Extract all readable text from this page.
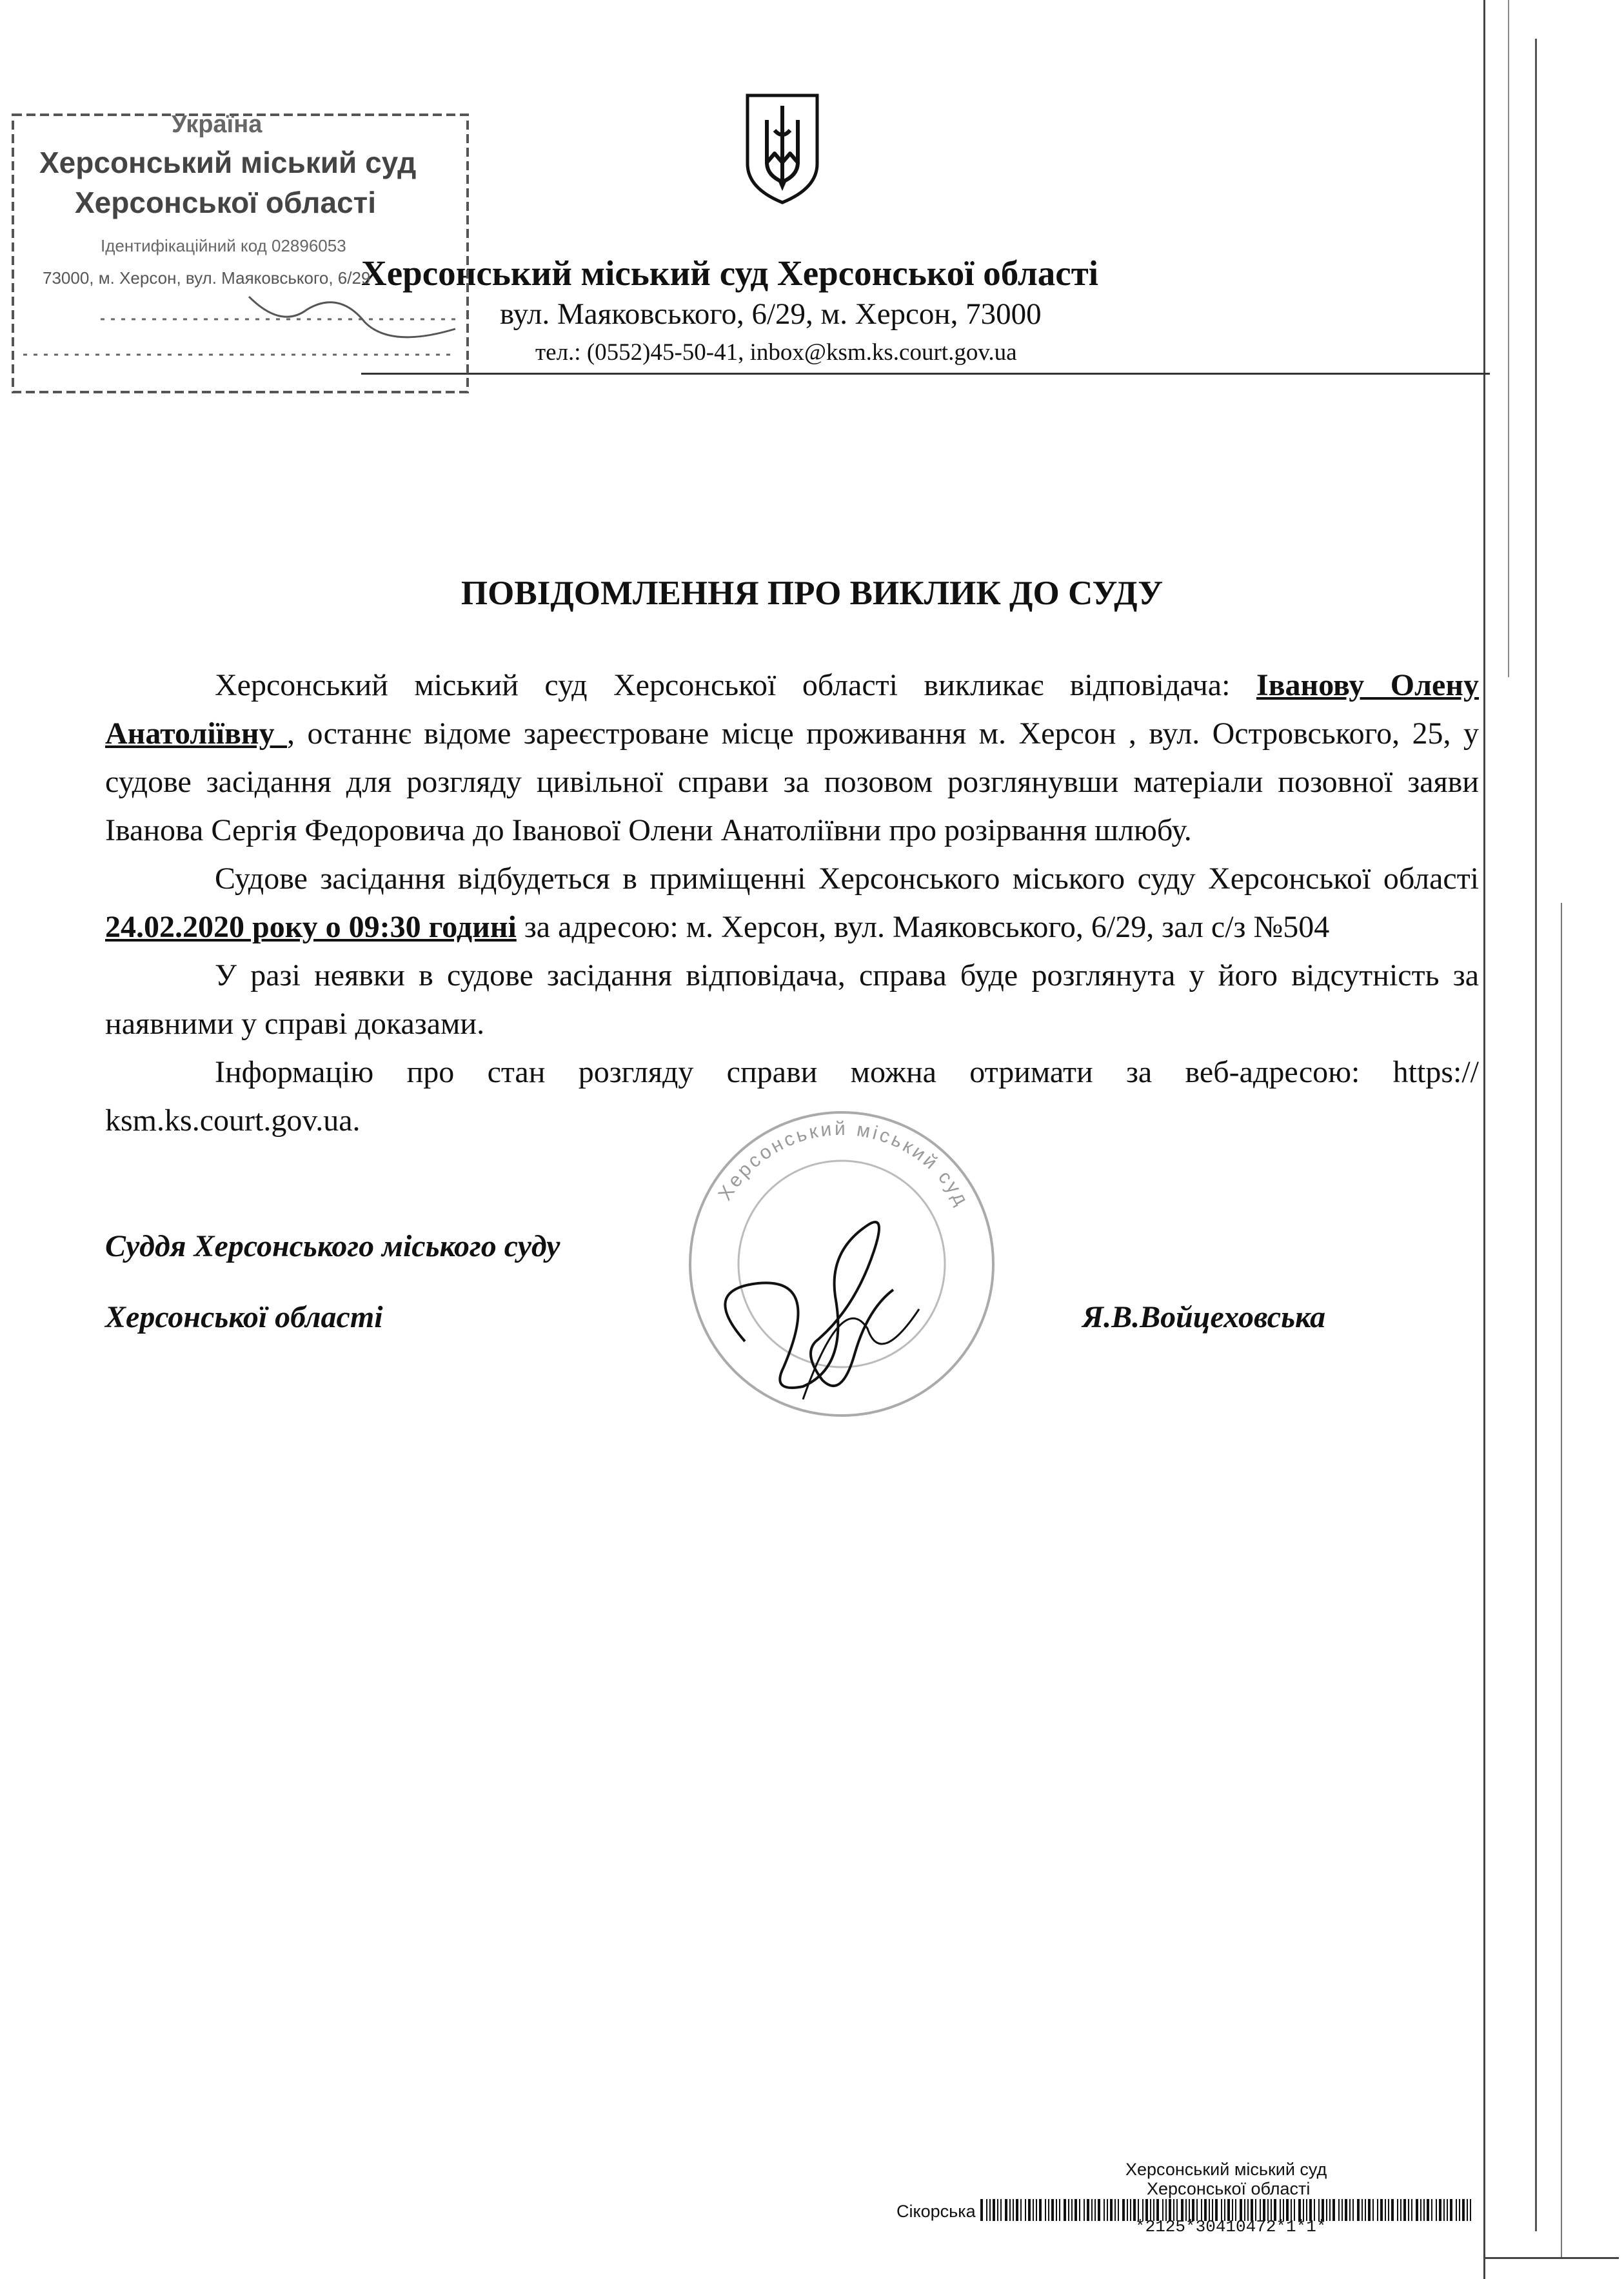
Херсонський міський суд Херсонської області
вул. Маяковського, 6/29, м. Херсон, 73000
тел.: (0552)45-50-41, inbox@ksm.ks.court.gov.ua
Україна
Херсонський міський суд
Херсонської області
Ідентифікаційний код 02896053
73000, м. Херсон, вул. Маяковського, 6/29
ПОВІДОМЛЕННЯ ПРО ВИКЛИК ДО СУДУ

Херсонський міський суд Херсонської області викликає відповідача: Іванову Олену Анатоліївну , останнє відоме зареєстроване місце проживання м. Херсон , вул. Островського, 25, у судове засідання для розгляду цивільної справи за позовом розглянувши матеріали позовної заяви Іванова Сергія Федоровича до Іванової Олени Анатоліївни про розірвання шлюбу.

Судове засідання відбудеться в приміщенні Херсонського міського суду Херсонської області 24.02.2020 року о 09:30 годині за адресою: м. Херсон, вул. Маяковського, 6/29, зал с/з №504

У разі неявки в судове засідання відповідача, справа буде розглянута у його відсутність за наявними у справі доказами.

Інформацію про стан розгляду справи можна отримати за веб-адресою: https:// ksm.ks.court.gov.ua.

Херсонський міський суд
Суддя Херсонського міського суду
Херсонської області	Я.В.Войцеховська
Херсонський міський суд
Херсонської області
Сікорська
*2125*30410472*1*1*
